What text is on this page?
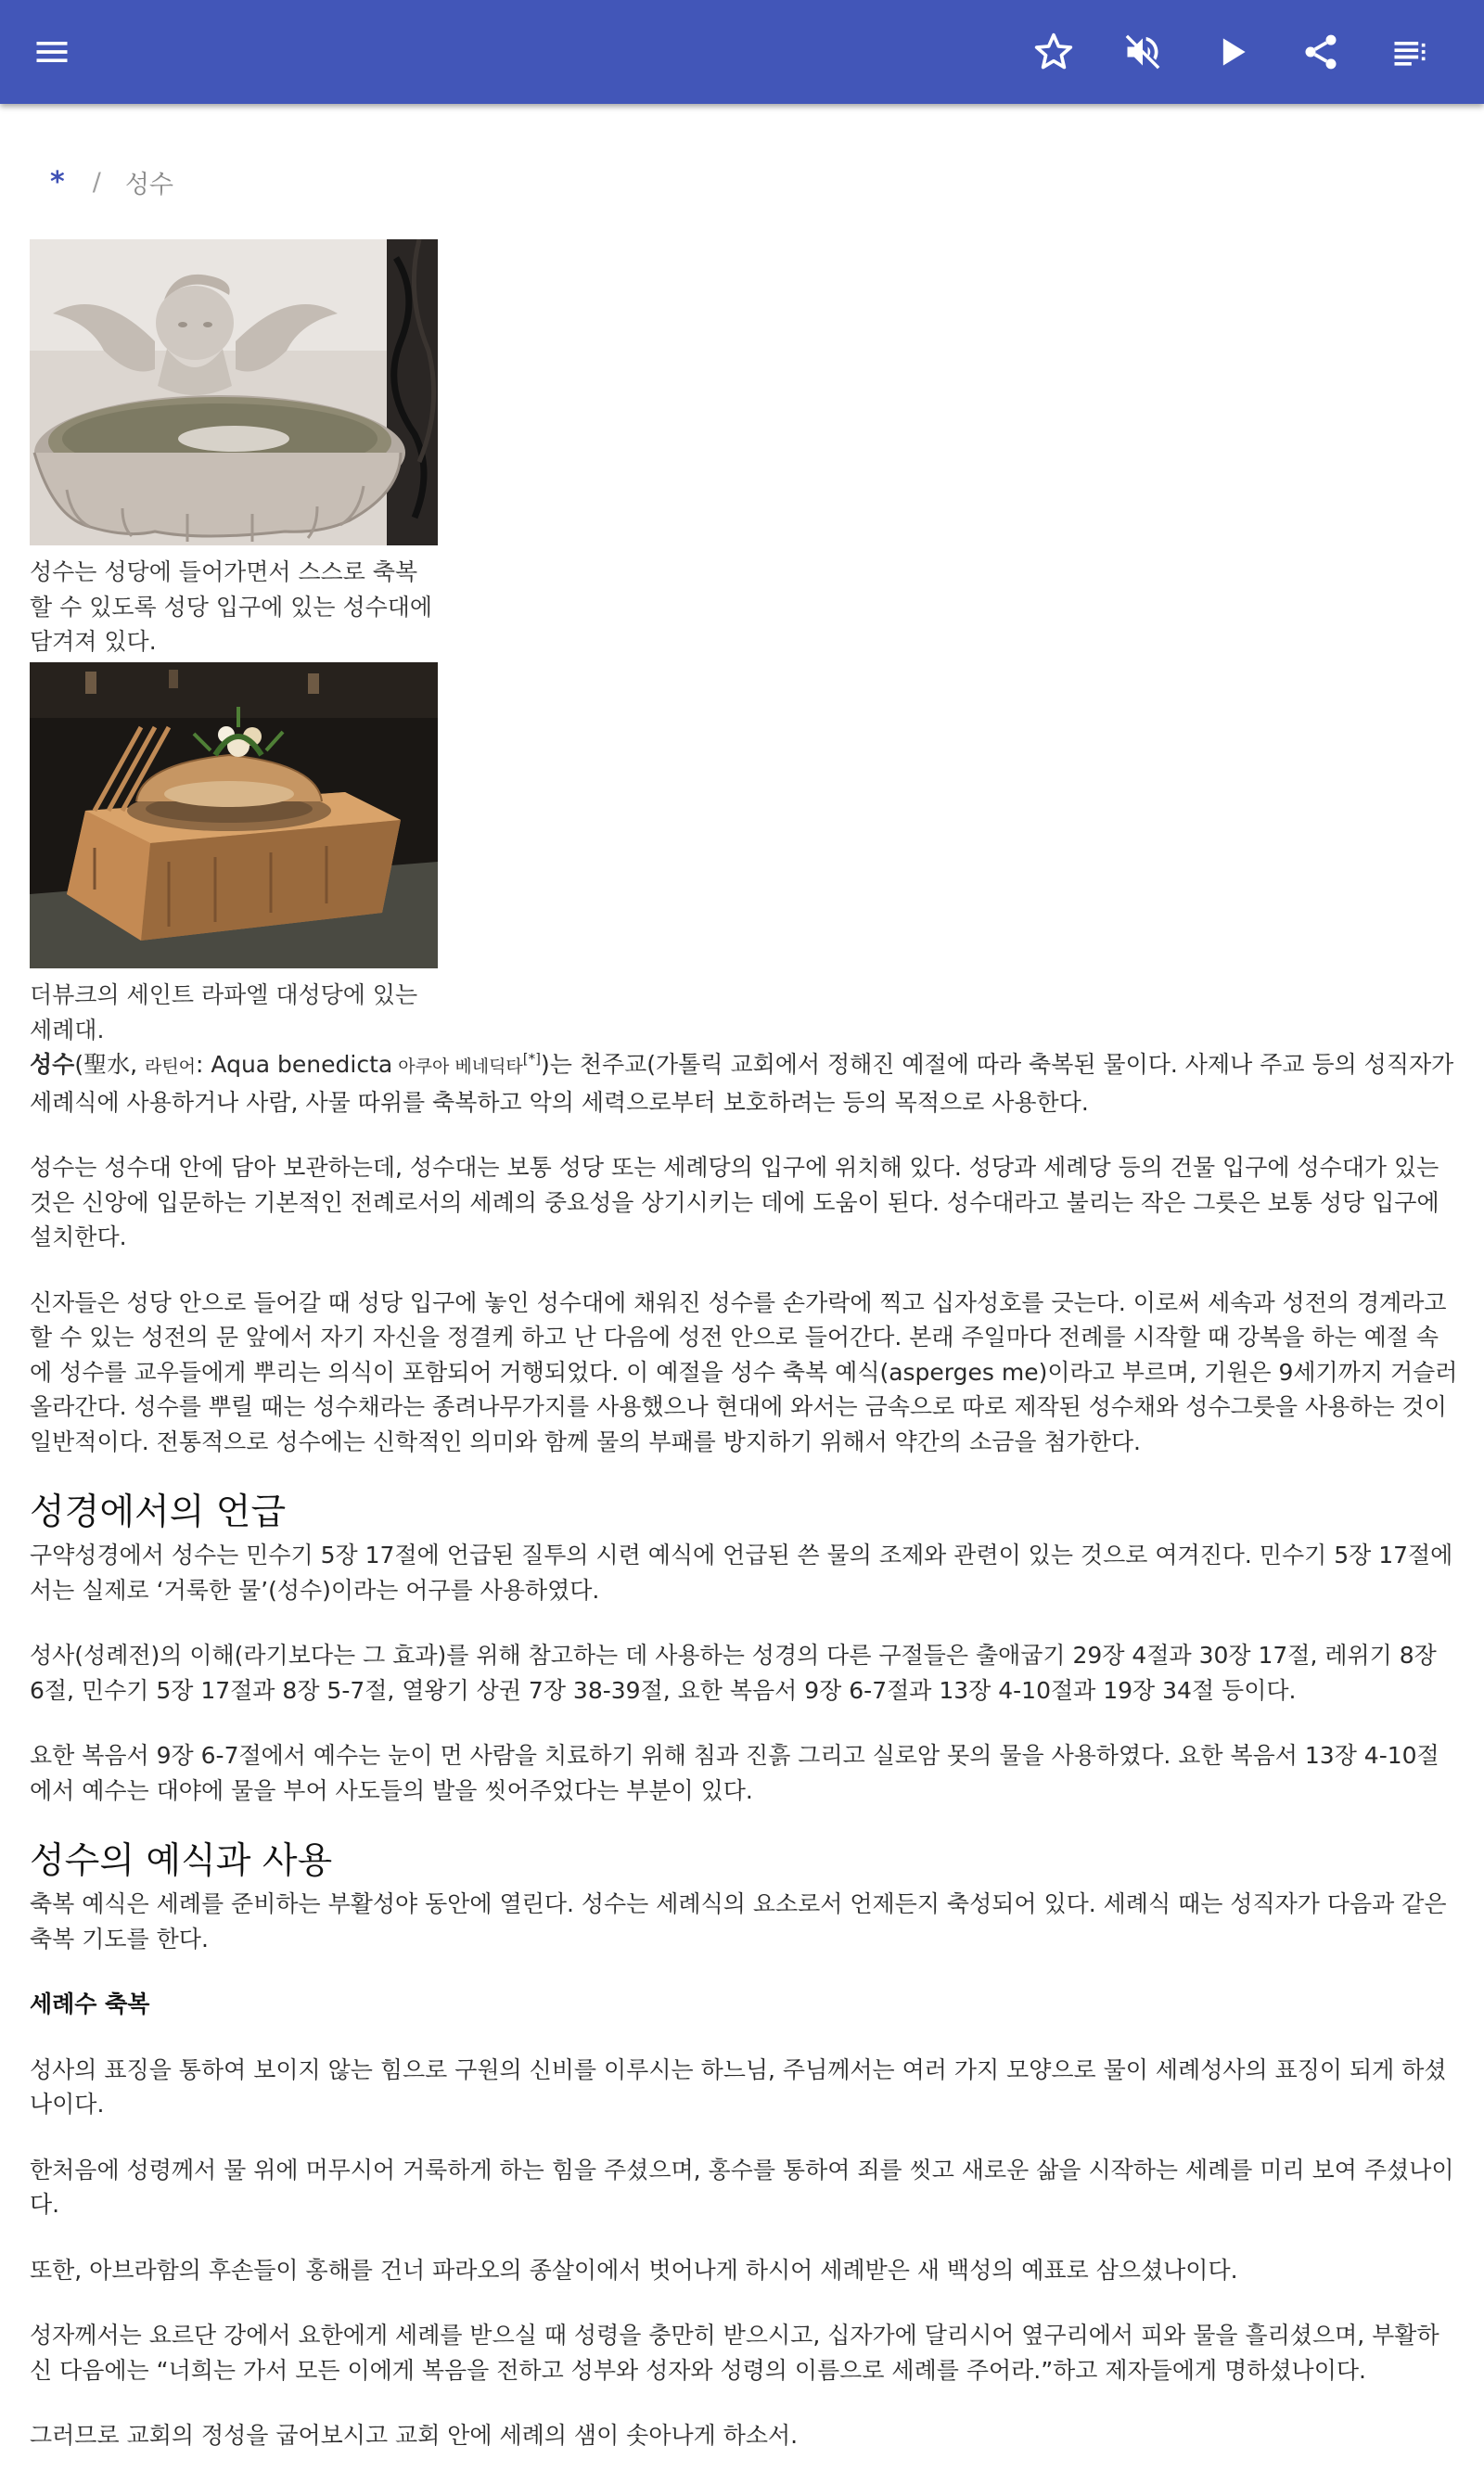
* / 성수
성수는 성당에 들어가면서 스스로 축복할 수 있도록 성당 입구에 있는 성수대에 담겨져 있다.
더뷰크의 세인트 라파엘 대성당에 있는 세례대.

성수(聖水, 라틴어: Aqua benedicta 아쿠아 베네딕타[*])는 천주교(가톨릭 교회에서 정해진 예절에 따라 축복된 물이다. 사제나 주교 등의 성직자가 세례식에 사용하거나 사람, 사물 따위를 축복하고 악의 세력으로부터 보호하려는 등의 목적으로 사용한다.

성수는 성수대 안에 담아 보관하는데, 성수대는 보통 성당 또는 세례당의 입구에 위치해 있다. 성당과 세례당 등의 건물 입구에 성수대가 있는 것은 신앙에 입문하는 기본적인 전례로서의 세례의 중요성을 상기시키는 데에 도움이 된다. 성수대라고 불리는 작은 그릇은 보통 성당 입구에 설치한다.

신자들은 성당 안으로 들어갈 때 성당 입구에 놓인 성수대에 채워진 성수를 손가락에 찍고 십자성호를 긋는다. 이로써 세속과 성전의 경계라고 할 수 있는 성전의 문 앞에서 자기 자신을 정결케 하고 난 다음에 성전 안으로 들어간다. 본래 주일마다 전례를 시작할 때 강복을 하는 예절 속에 성수를 교우들에게 뿌리는 의식이 포함되어 거행되었다. 이 예절을 성수 축복 예식(asperges me)이라고 부르며, 기원은 9세기까지 거슬러 올라간다. 성수를 뿌릴 때는 성수채라는 종려나무가지를 사용했으나 현대에 와서는 금속으로 따로 제작된 성수채와 성수그릇을 사용하는 것이 일반적이다. 전통적으로 성수에는 신학적인 의미와 함께 물의 부패를 방지하기 위해서 약간의 소금을 첨가한다.

성경에서의 언급

구약성경에서 성수는 민수기 5장 17절에 언급된 질투의 시련 예식에 언급된 쓴 물의 조제와 관련이 있는 것으로 여겨진다. 민수기 5장 17절에서는 실제로 ‘거룩한 물’(성수)이라는 어구를 사용하였다.

성사(성례전)의 이해(라기보다는 그 효과)를 위해 참고하는 데 사용하는 성경의 다른 구절들은 출애굽기 29장 4절과 30장 17절, 레위기 8장 6절, 민수기 5장 17절과 8장 5-7절, 열왕기 상권 7장 38-39절, 요한 복음서 9장 6-7절과 13장 4-10절과 19장 34절 등이다.

요한 복음서 9장 6-7절에서 예수는 눈이 먼 사람을 치료하기 위해 침과 진흙 그리고 실로암 못의 물을 사용하였다. 요한 복음서 13장 4-10절에서 예수는 대야에 물을 부어 사도들의 발을 씻어주었다는 부분이 있다.

성수의 예식과 사용

축복 예식은 세례를 준비하는 부활성야 동안에 열린다. 성수는 세례식의 요소로서 언제든지 축성되어 있다. 세례식 때는 성직자가 다음과 같은 축복 기도를 한다.

세례수 축복

성사의 표징을 통하여 보이지 않는 힘으로 구원의 신비를 이루시는 하느님, 주님께서는 여러 가지 모양으로 물이 세례성사의 표징이 되게 하셨나이다.

한처음에 성령께서 물 위에 머무시어 거룩하게 하는 힘을 주셨으며, 홍수를 통하여 죄를 씻고 새로운 삶을 시작하는 세례를 미리 보여 주셨나이다.

또한, 아브라함의 후손들이 홍해를 건너 파라오의 종살이에서 벗어나게 하시어 세례받은 새 백성의 예표로 삼으셨나이다.

성자께서는 요르단 강에서 요한에게 세례를 받으실 때 성령을 충만히 받으시고, 십자가에 달리시어 옆구리에서 피와 물을 흘리셨으며, 부활하신 다음에는 “너희는 가서 모든 이에게 복음을 전하고 성부와 성자와 성령의 이름으로 세례를 주어라.”하고 제자들에게 명하셨나이다.

그러므로 교회의 정성을 굽어보시고 교회 안에 세례의 샘이 솟아나게 하소서.
